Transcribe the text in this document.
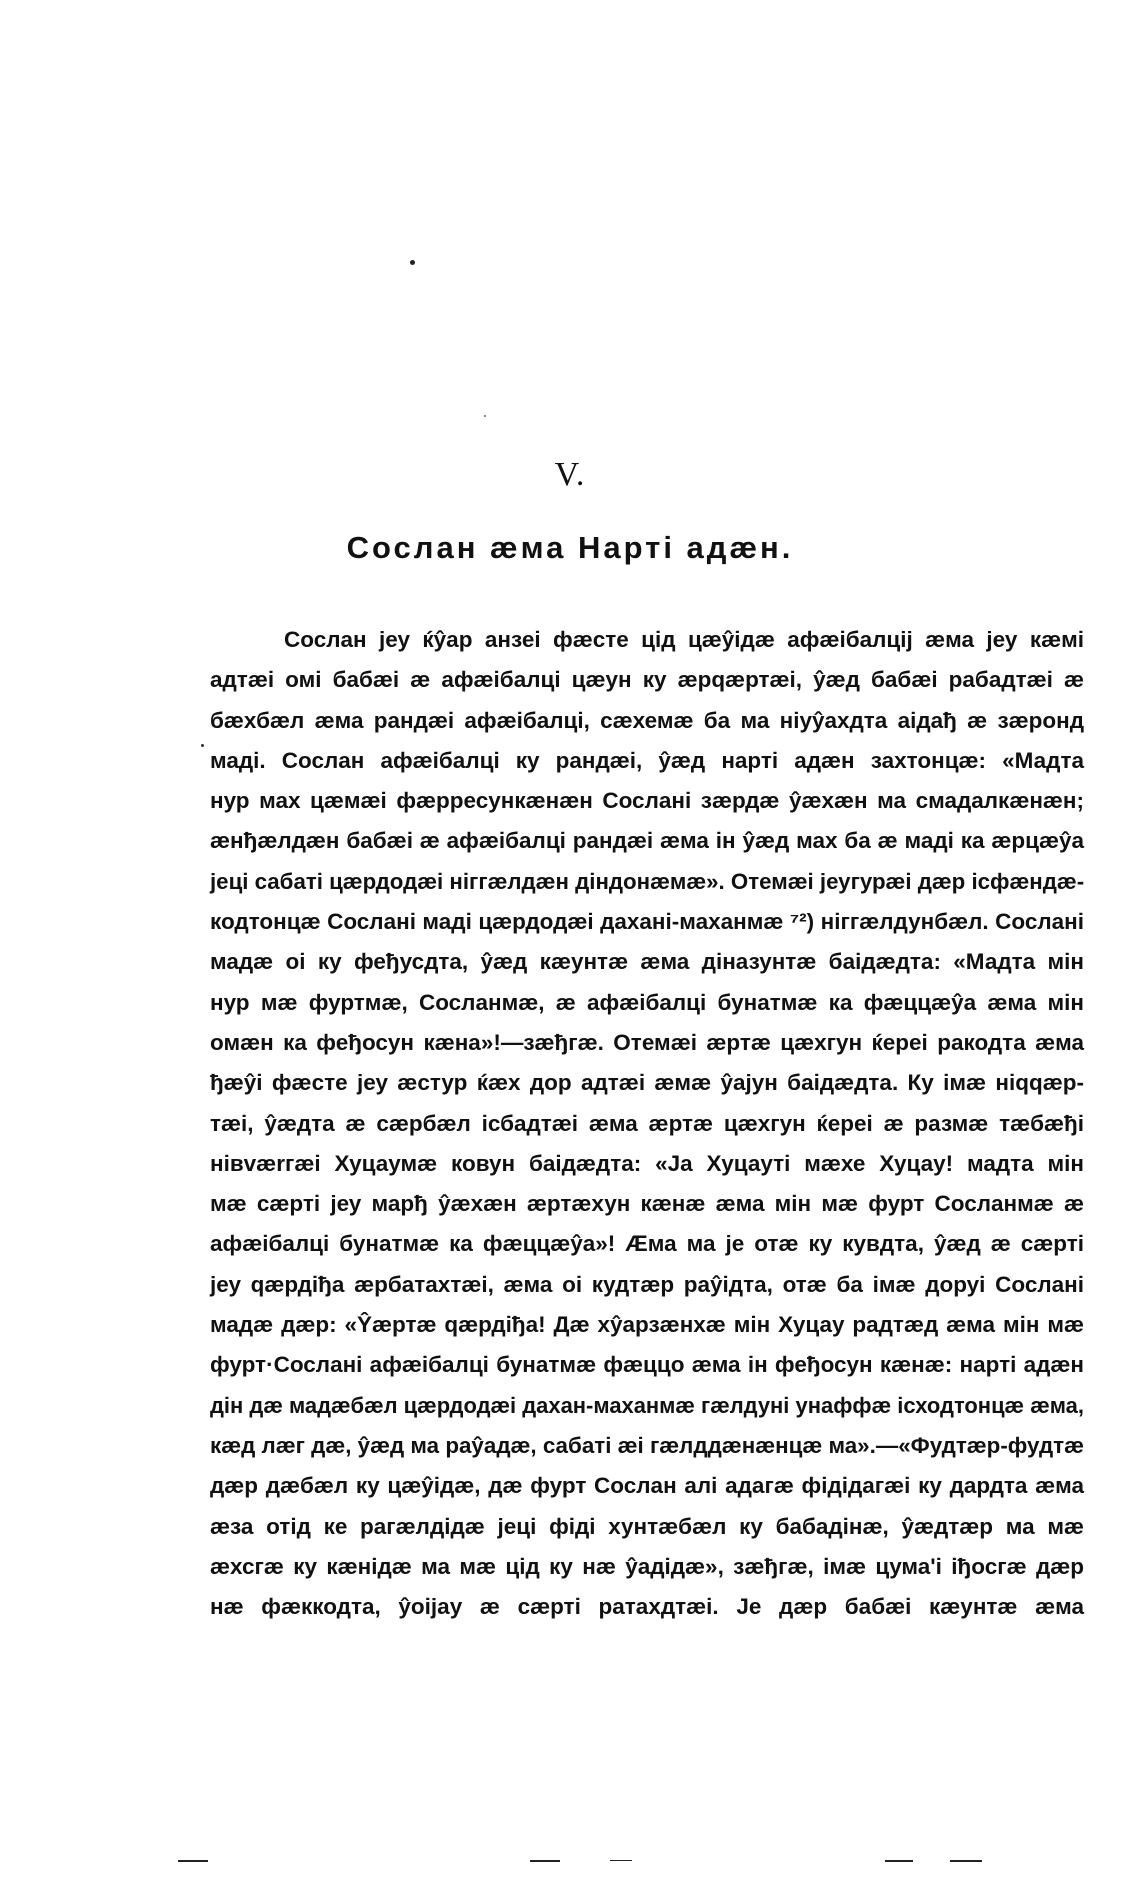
V.
Сослан æма Нарті адæн.
Сослан jеу ќŷар анзеі фæсте цід цæŷідæ афæібалцij æма jеу кæмі
адтæі омі бабæі æ афæібалці цæун ку æрqæртæі, ŷæд бабæі рабадтæі æ
бæхбæл æма рандæі афæібалці, сæхемæ ба ма ніуŷахдта аідађ æ зæронд
маді. Сослан афæібалці ку рандæі, ŷæд нарті адæн захтонцæ: «Мадта
нур мах цæмæі фæрресункæнæн Сослані зæрдæ ŷæхæн ма смадалкæнæн;
æнђæлдæн бабæі æ афæібалці рандæі æма ін ŷæд мах ба æ маді ка æрцæŷа
jеці сабаті цæрдодæі ніггæлдæн діндонæмæ». Отемæі jеугурæі дæр ісфæндæ-
кодтонцæ Сослані маді цæрдодæі дахані-маханмæ ⁷²) ніггæлдунбæл. Сослані
мадæ оі ку феђусдта, ŷæд кæунтæ æма діназунтæ баідæдта: «Мадта мін
нур мæ фуртмæ, Сосланмæ, æ афæібалці бунатмæ ка фæццæŷа æма мін
омæн ка феђосун кæна»!—зæђгæ. Отемæі æртæ цæхгун ќереі ракодта æма
ђæŷі фæсте jеу æстур ќæх дор адтæі æмæ ŷajун баідæдта. Ку імæ ніqqæр-
тæі, ŷæдта æ сæрбæл ісбадтæі æма æртæ цæхгун ќереі æ размæ тæбæђі
нівværгæі Хуцаумæ ковун баідæдта: «Jа Хуцауті мæхе Хуцау! мадта мін
мæ сæрті jеу марђ ŷæхæн æртæхун кæнæ æма мін мæ фурт Сосланмæ æ
афæібалці бунатмæ ка фæццæŷа»! Æма ма jе отæ ку кувдта, ŷæд æ сæрті
jеу qæрдіђа æрбатахтæі, æма оі кудтæр раŷідта, отæ ба імæ доруі Сослані
мадæ дæр: «Ŷæртæ qæрдіђа! Дæ хŷарзæнхæ мін Хуцау радтæд æма мін мæ
фурт·Сослані афæібалці бунатмæ фæццо æма ін феђосун кæнæ: нарті адæн
дін дæ мадæбæл цæрдодæі дахан-маханмæ гæлдуні унаффæ ісходтонцæ æма,
кæд лæг дæ, ŷæд ма раŷадæ, сабаті æі гæлддæнæнцæ ма».—«Фудтæр-фудтæ
дæр дæбæл ку цæŷідæ, дæ фурт Сослан алі адагæ фідідагæі ку дардта æма
æза отід ке рагæлдідæ jеці фіді хунтæбæл ку бабадінæ, ŷæдтæр ма мæ
æхсгæ ку кæнідæ ма мæ цід ку нæ ŷадідæ», зæђгæ, імæ цума'і іђосгæ дæр
нæ фæккодта, ŷоіjау æ сæрті ратахдтæі. Jе дæр бабæі кæунтæ æма
